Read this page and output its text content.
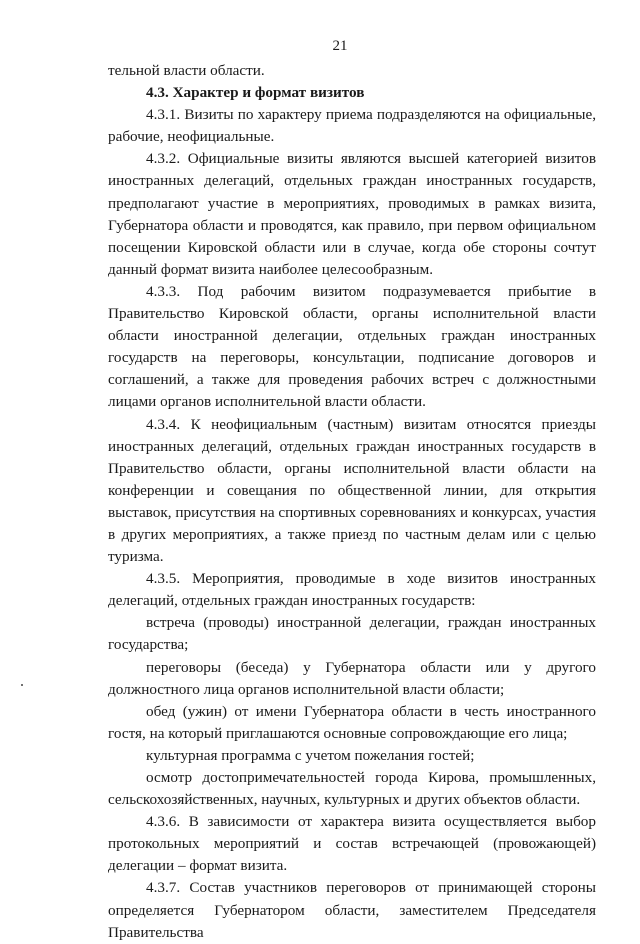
21

тельной власти области.

4.3. Характер и формат визитов

4.3.1. Визиты по характеру приема подразделяются на официальные, рабочие, неофициальные.

4.3.2. Официальные визиты являются высшей категорией визитов иностранных делегаций, отдельных граждан иностранных государств, предполагают участие в мероприятиях, проводимых в рамках визита, Губернатора области и проводятся, как правило, при первом официальном посещении Кировской области или в случае, когда обе стороны сочтут данный формат визита наиболее целесообразным.

4.3.3. Под рабочим визитом подразумевается прибытие в Правительство Кировской области, органы исполнительной власти области иностранной делегации, отдельных граждан иностранных государств на переговоры, консультации, подписание договоров и соглашений, а также для проведения рабочих встреч с должностными лицами органов исполнительной власти области.

4.3.4. К неофициальным (частным) визитам относятся приезды иностранных делегаций, отдельных граждан иностранных государств в Правительство области, органы исполнительной власти области на конференции и совещания по общественной линии, для открытия выставок, присутствия на спортивных соревнованиях и конкурсах, участия в других мероприятиях, а также приезд по частным делам или с целью туризма.

4.3.5. Мероприятия, проводимые в ходе визитов иностранных делегаций, отдельных граждан иностранных государств:

встреча (проводы) иностранной делегации, граждан иностранных государства;

переговоры (беседа) у Губернатора области или у другого должностного лица органов исполнительной власти области;

обед (ужин) от имени Губернатора области в честь иностранного гостя, на который приглашаются основные сопровождающие его лица;

культурная программа с учетом пожелания гостей;

осмотр достопримечательностей города Кирова, промышленных, сельскохозяйственных, научных, культурных и других объектов области.

4.3.6. В зависимости от характера визита осуществляется выбор протокольных мероприятий и состав встречающей (провожающей) делегации – формат визита.

4.3.7. Состав участников переговоров от принимающей стороны определяется Губернатором области, заместителем Председателя Правительства
